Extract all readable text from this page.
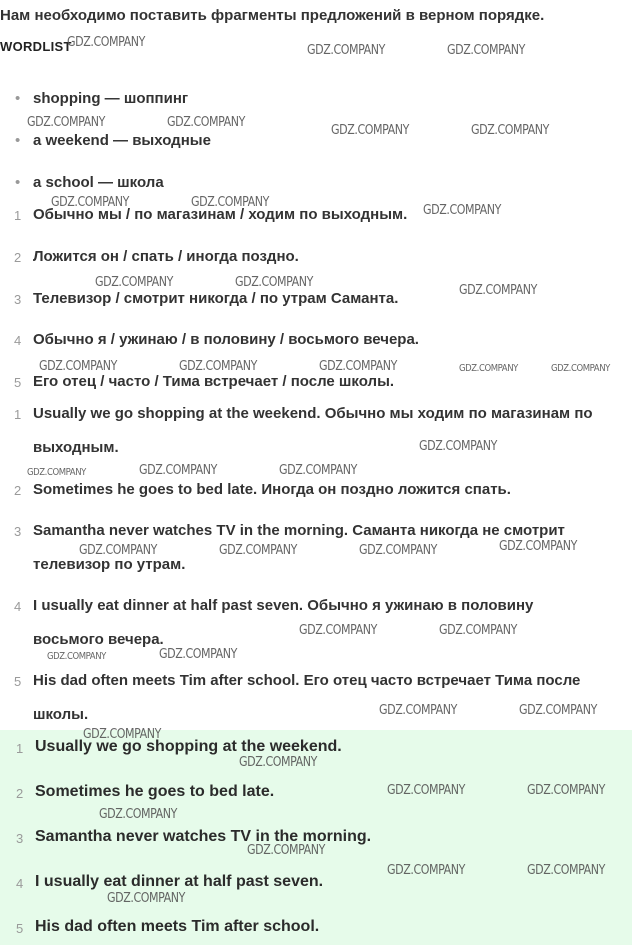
Нам необходимо поставить фрагменты предложений в верном порядке.
WORDLIST
• shopping — шоппинг
• a weekend — выходные
• a school — школа
1 Обычно мы / по магазинам / ходим по выходным.
2 Ложится он / спать / иногда поздно.
3 Телевизор / смотрит никогда / по утрам Саманта.
4 Обычно я / ужинаю / в половину / восьмого вечера.
5 Его отец / часто / Тима встречает / после школы.
1 Usually we go shopping at the weekend. Обычно мы ходим по магазинам по
выходным.
2 Sometimes he goes to bed late. Иногда он поздно ложится спать.
3 Samantha never watches TV in the morning. Саманта никогда не смотрит
телевизор по утрам.
4 I usually eat dinner at half past seven. Обычно я ужинаю в половину
восьмого вечера.
5 His dad often meets Tim after school. Его отец часто встречает Тима после
школы.
1 Usually we go shopping at the weekend.
2 Sometimes he goes to bed late.
3 Samantha never watches TV in the morning.
4 I usually eat dinner at half past seven.
5 His dad often meets Tim after school.
GDZ.COMPANY
GDZ.COMPANY	GDZ.COMPANY
GDZ.COMPANY	GDZ.COMPANY
GDZ.COMPANY	GDZ.COMPANY
GDZ.COMPANY	GDZ.COMPANY
GDZ.COMPANY
GDZ.COMPANY	GDZ.COMPANY
GDZ.COMPANY
GDZ.COMPANY	GDZ.COMPANY	GDZ.COMPANY	GDZ.COMPANY	GDZ.COMPANY
GDZ.COMPANY
GDZ.COMPANY	GDZ.COMPANY	GDZ.COMPANY
GDZ.COMPANY	GDZ.COMPANY	GDZ.COMPANY	GDZ.COMPANY
GDZ.COMPANY	GDZ.COMPANY
GDZ.COMPANY	GDZ.COMPANY
GDZ.COMPANY	GDZ.COMPANY
GDZ.COMPANY
GDZ.COMPANY
GDZ.COMPANY	GDZ.COMPANY
GDZ.COMPANY
GDZ.COMPANY
GDZ.COMPANY	GDZ.COMPANY
GDZ.COMPANY
